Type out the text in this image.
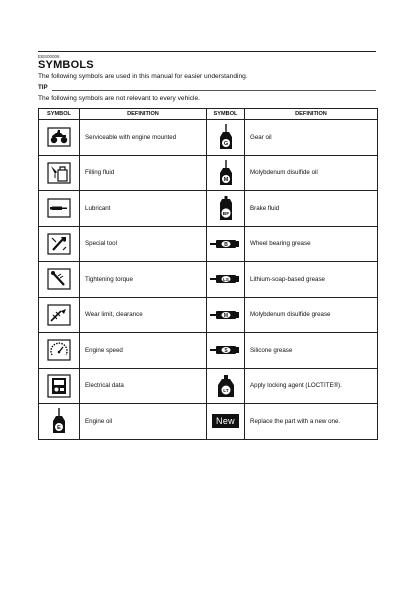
EBS00006
SYMBOLS
The following symbols are used in this manual for easier understanding.
TIP
The following symbols are not relevant to every vehicle.
SYMBOL	DEFINITION	SYMBOL	DEFINITION
	Serviceable with engine mounted	G	Gear oil
	Filling fluid	M	Molybdenum disulfide oil
	Lubricant	BF	Brake fluid
	Special tool	B	Wheel bearing grease
	Tightening torque	LS	Lithium-soap-based grease
	Wear limit, clearance	M	Molybdenum disulfide grease
	Engine speed	S	Silicone grease
	Electrical data	LT	Apply locking agent (LOCTITE®).

E	Engine oil	New	Replace the part with a new one.
